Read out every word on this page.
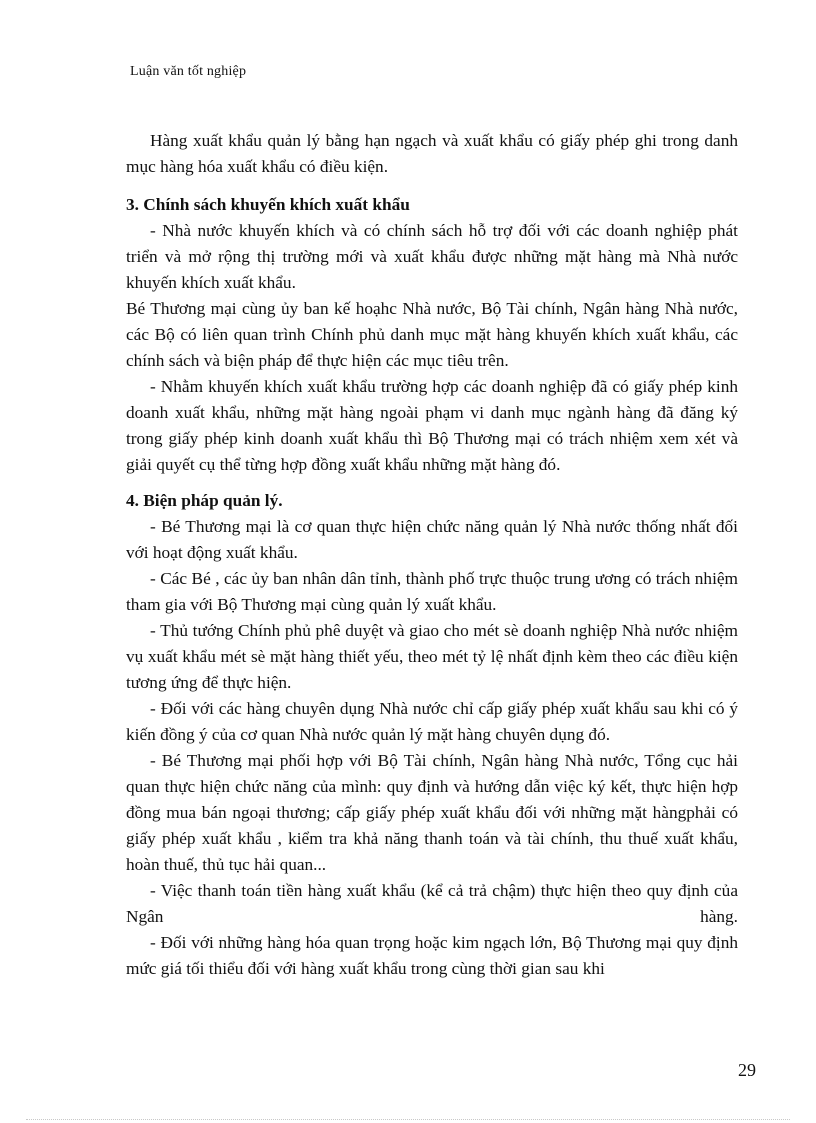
Luận văn tốt nghiệp

Hàng xuất khẩu quản lý bằng hạn ngạch và xuất khẩu có giấy phép ghi trong danh mục hàng hóa xuất khẩu có điều kiện.

3. Chính sách khuyến khích xuất khẩu

- Nhà nước khuyến khích và có chính sách hỗ trợ đối với các doanh nghiệp phát triển và mở rộng thị trường mới và xuất khẩu được những mặt hàng mà Nhà nước khuyến khích xuất khẩu.

Bé Thương mại cùng ủy ban kế hoạhc Nhà nước, Bộ Tài chính, Ngân hàng Nhà nước, các Bộ có liên quan trình Chính phủ danh mục mặt hàng khuyến khích xuất khẩu, các chính sách và biện pháp để thực hiện các mục tiêu trên.

- Nhằm khuyến khích xuất khẩu trường hợp các doanh nghiệp đã có giấy phép kinh doanh xuất khẩu, những mặt hàng ngoài phạm vi danh mục ngành hàng đã đăng ký trong giấy phép kinh doanh xuất khẩu thì Bộ Thương mại có trách nhiệm xem xét và giải quyết cụ thể từng hợp đồng xuất khẩu những mặt hàng đó.

4. Biện pháp quản lý.

- Bé Thương mại là cơ quan thực hiện chức năng quản lý Nhà nước thống nhất đối với hoạt động xuất khẩu.

- Các Bé , các ủy ban nhân dân tỉnh, thành phố trực thuộc trung ương có trách nhiệm tham gia với Bộ Thương mại cùng quản lý xuất khẩu.

- Thủ tướng Chính phủ phê duyệt và giao cho mét sè doanh nghiệp Nhà nước nhiệm vụ xuất khẩu mét sè mặt hàng thiết yếu, theo mét tỷ lệ nhất định kèm theo các điều kiện tương ứng để thực hiện.

- Đối với các hàng chuyên dụng Nhà nước chỉ cấp giấy phép xuất khẩu sau khi có ý kiến đồng ý của cơ quan Nhà nước quản lý mặt hàng chuyên dụng đó.

- Bé Thương mại phối hợp với Bộ Tài chính, Ngân hàng Nhà nước, Tổng cục hải quan thực hiện chức năng của mình: quy định và hướng dẫn việc ký kết, thực hiện hợp đồng mua bán ngoại thương; cấp giấy phép xuất khẩu đối với những mặt hàngphải có giấy phép xuất khẩu , kiểm tra khả năng thanh toán và tài chính, thu thuế xuất khẩu, hoàn thuế, thủ tục hải quan...

- Việc thanh toán tiền hàng xuất khẩu (kể cả trả chậm) thực hiện theo quy định của Ngân hàng.

- Đối với những hàng hóa quan trọng hoặc kim ngạch lớn, Bộ Thương mại quy định mức giá tối thiểu đối với hàng xuất khẩu trong cùng thời gian sau khi

29
